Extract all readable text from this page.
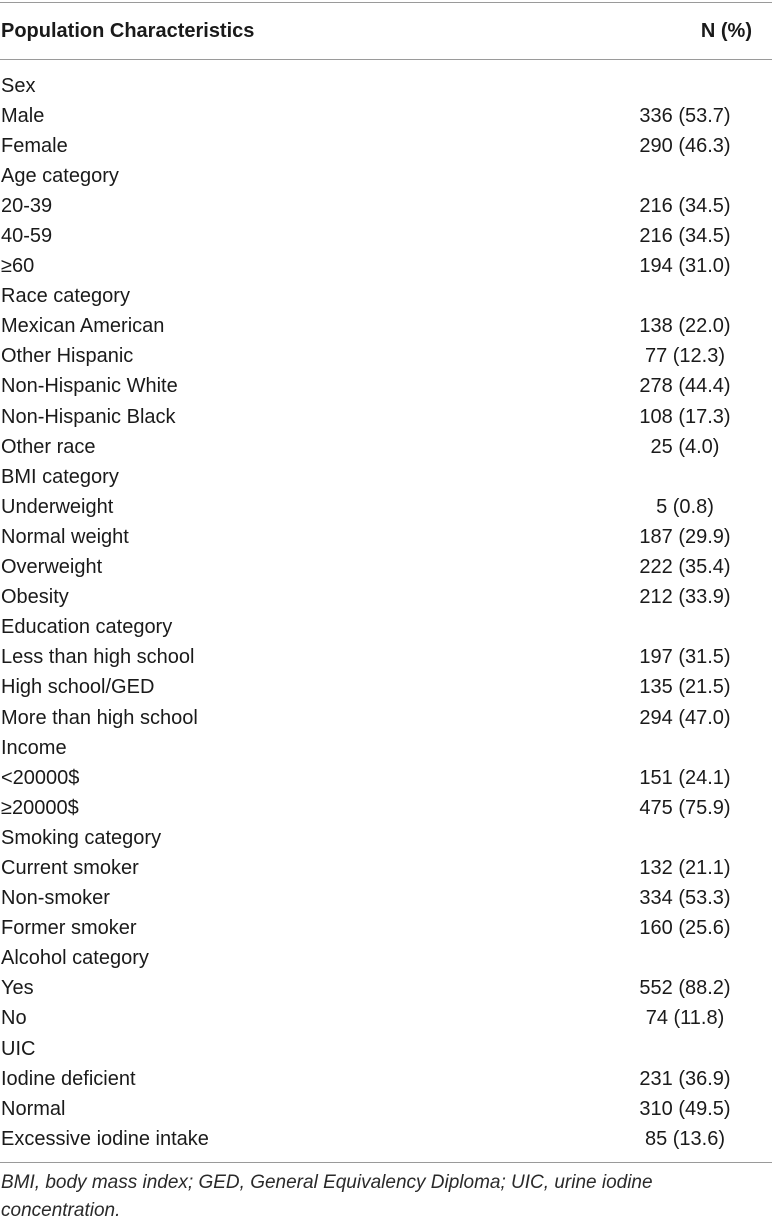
Population Characteristics	N (%)
Sex
Male	336 (53.7)
Female	290 (46.3)
Age category
20-39	216 (34.5)
40-59	216 (34.5)
≥60	194 (31.0)
Race category
Mexican American	138 (22.0)
Other Hispanic	77 (12.3)
Non-Hispanic White	278 (44.4)
Non-Hispanic Black	108 (17.3)
Other race	25 (4.0)
BMI category
Underweight	5 (0.8)
Normal weight	187 (29.9)
Overweight	222 (35.4)
Obesity	212 (33.9)
Education category
Less than high school	197 (31.5)
High school/GED	135 (21.5)
More than high school	294 (47.0)
Income
<20000$	151 (24.1)
≥20000$	475 (75.9)
Smoking category
Current smoker	132 (21.1)
Non-smoker	334 (53.3)
Former smoker	160 (25.6)
Alcohol category
Yes	552 (88.2)
No	74 (11.8)
UIC
Iodine deficient	231 (36.9)
Normal	310 (49.5)
Excessive iodine intake	85 (13.6)
BMI, body mass index; GED, General Equivalency Diploma; UIC, urine iodine concentration.
